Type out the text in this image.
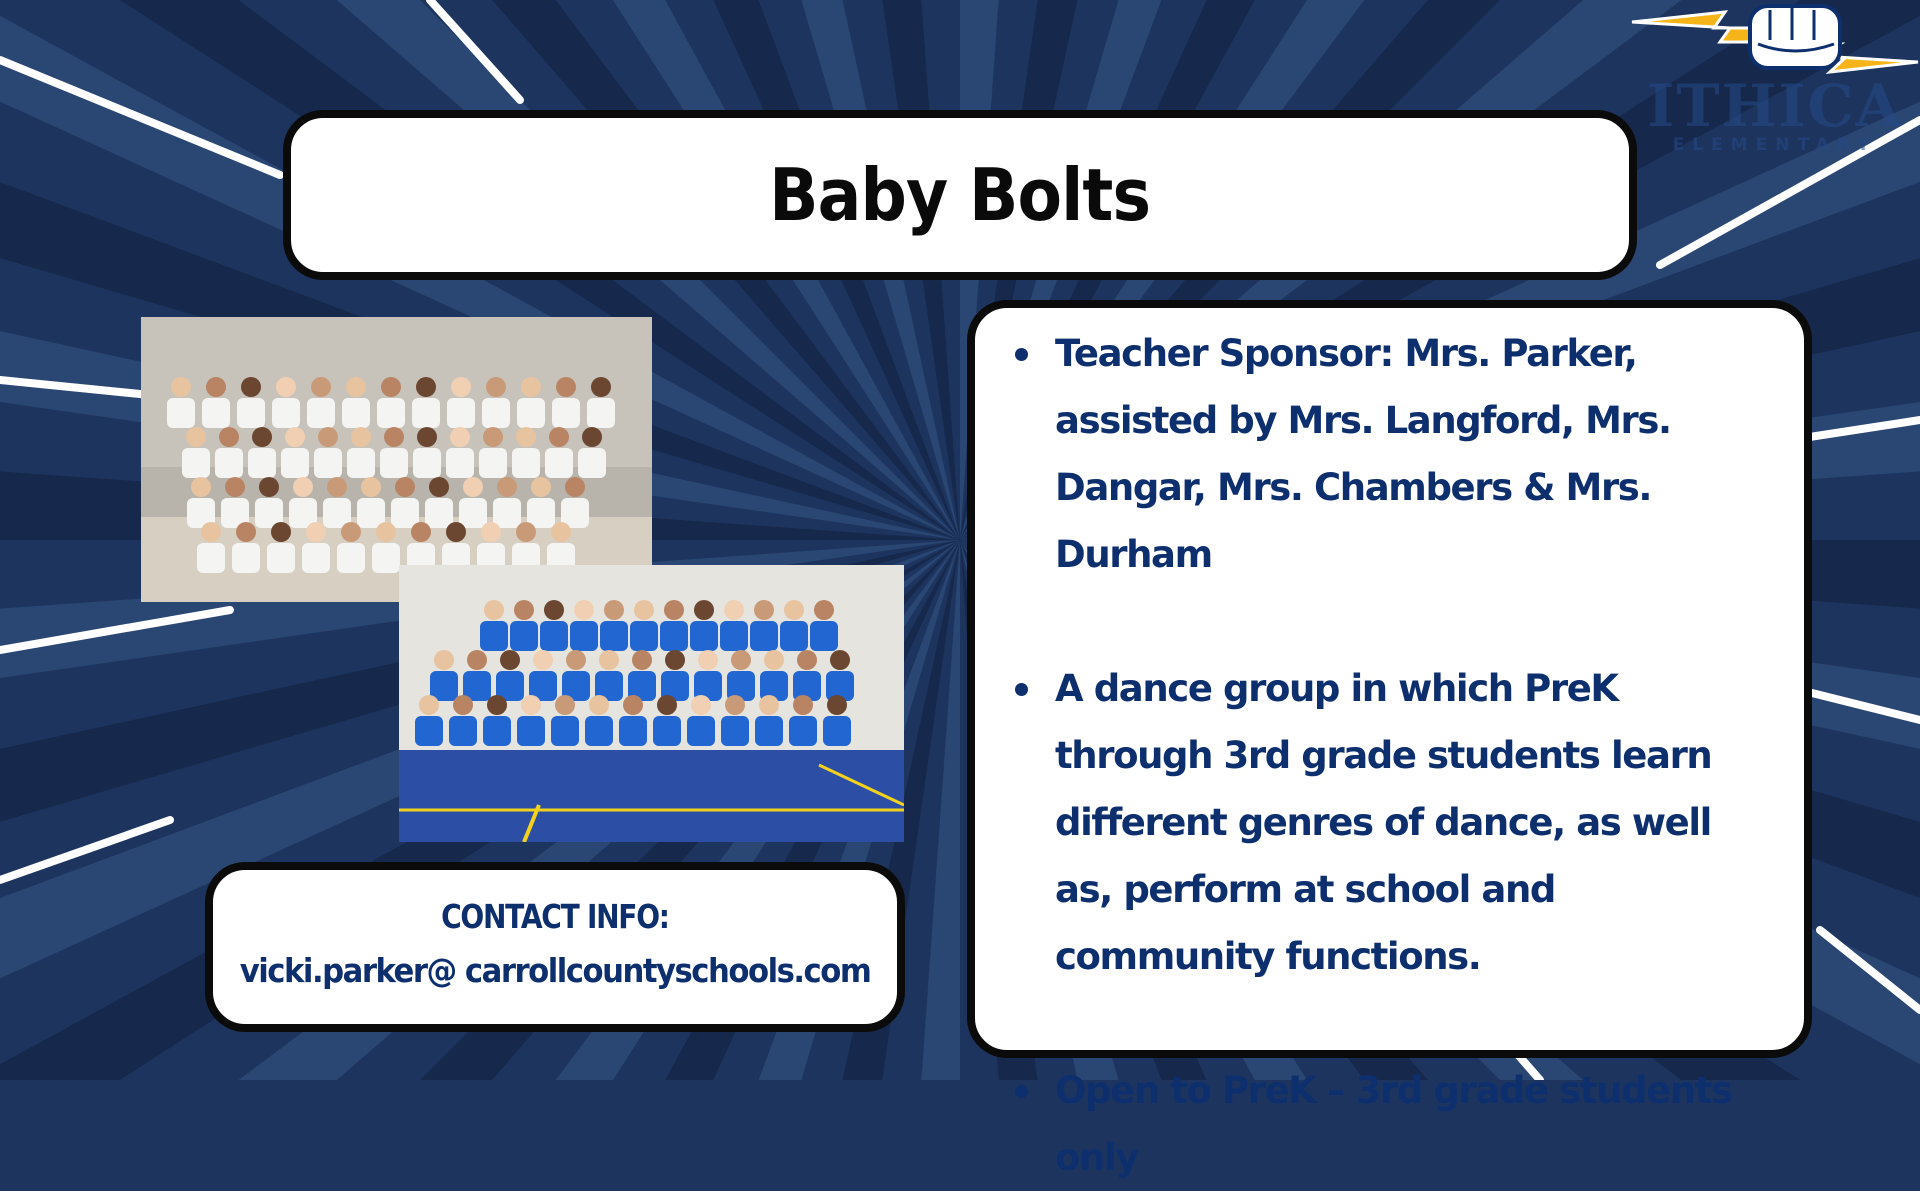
Baby Bolts
CONTACT INFO:
vicki.parker@ carrollcountyschools.com
Teacher Sponsor: Mrs. Parker, assisted by Mrs. Langford, Mrs. Dangar, Mrs. Chambers & Mrs. Durham
A dance group in which PreK through 3rd grade students learn different genres of dance, as well as, perform at school and community functions.
Open to PreK – 3rd grade students only
ITHICA
ELEMENTARY
